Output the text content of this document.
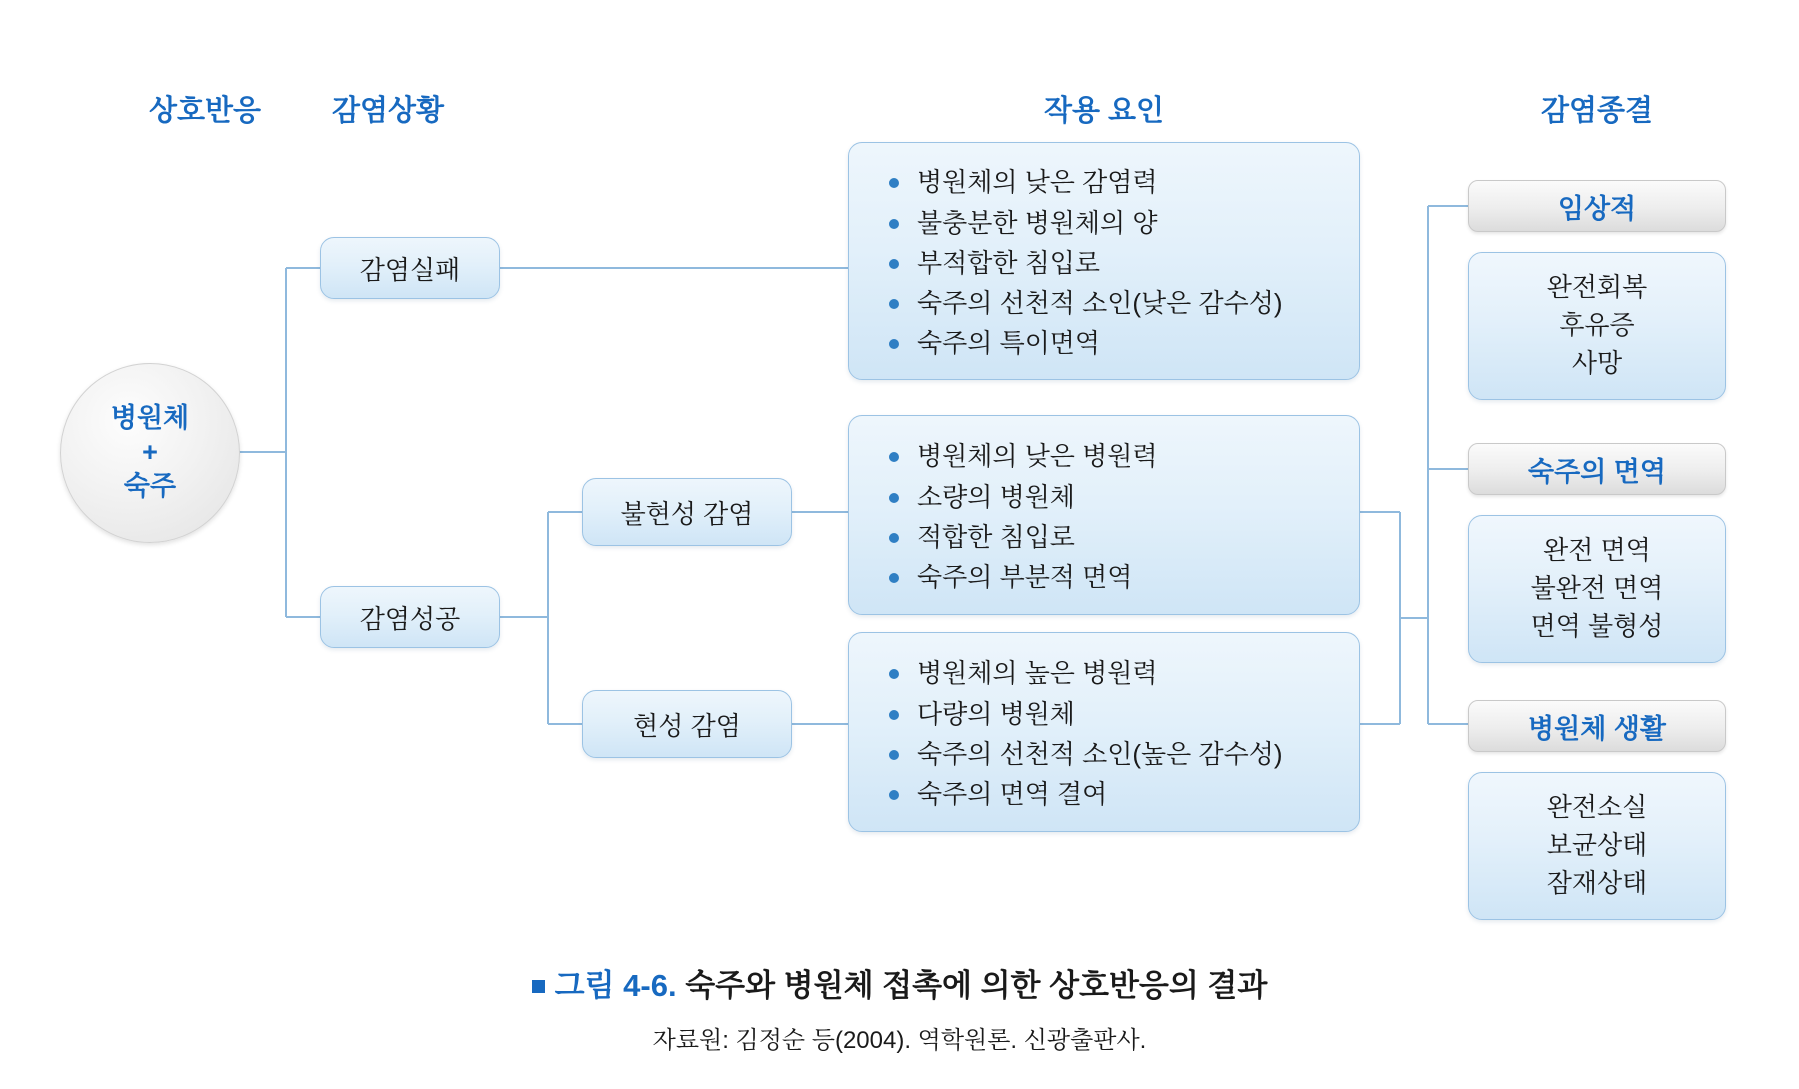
상호반응	감염상황	작용 요인	감염종결
병원체
+
숙주
감염실패
감염성공
불현성 감염
현성 감염
병원체의 낮은 감염력
불충분한 병원체의 양
부적합한 침입로
숙주의 선천적 소인(낮은 감수성)
숙주의 특이면역
병원체의 낮은 병원력
소량의 병원체
적합한 침입로
숙주의 부분적 면역
병원체의 높은 병원력
다량의 병원체
숙주의 선천적 소인(높은 감수성)
숙주의 면역 결여
임상적
완전회복
후유증
사망
숙주의 면역
완전 면역
불완전 면역
면역 불형성
병원체 생활
완전소실
보균상태
잠재상태
그림 4-6. 숙주와 병원체 접촉에 의한 상호반응의 결과
자료원: 김정순 등(2004). 역학원론. 신광출판사.
